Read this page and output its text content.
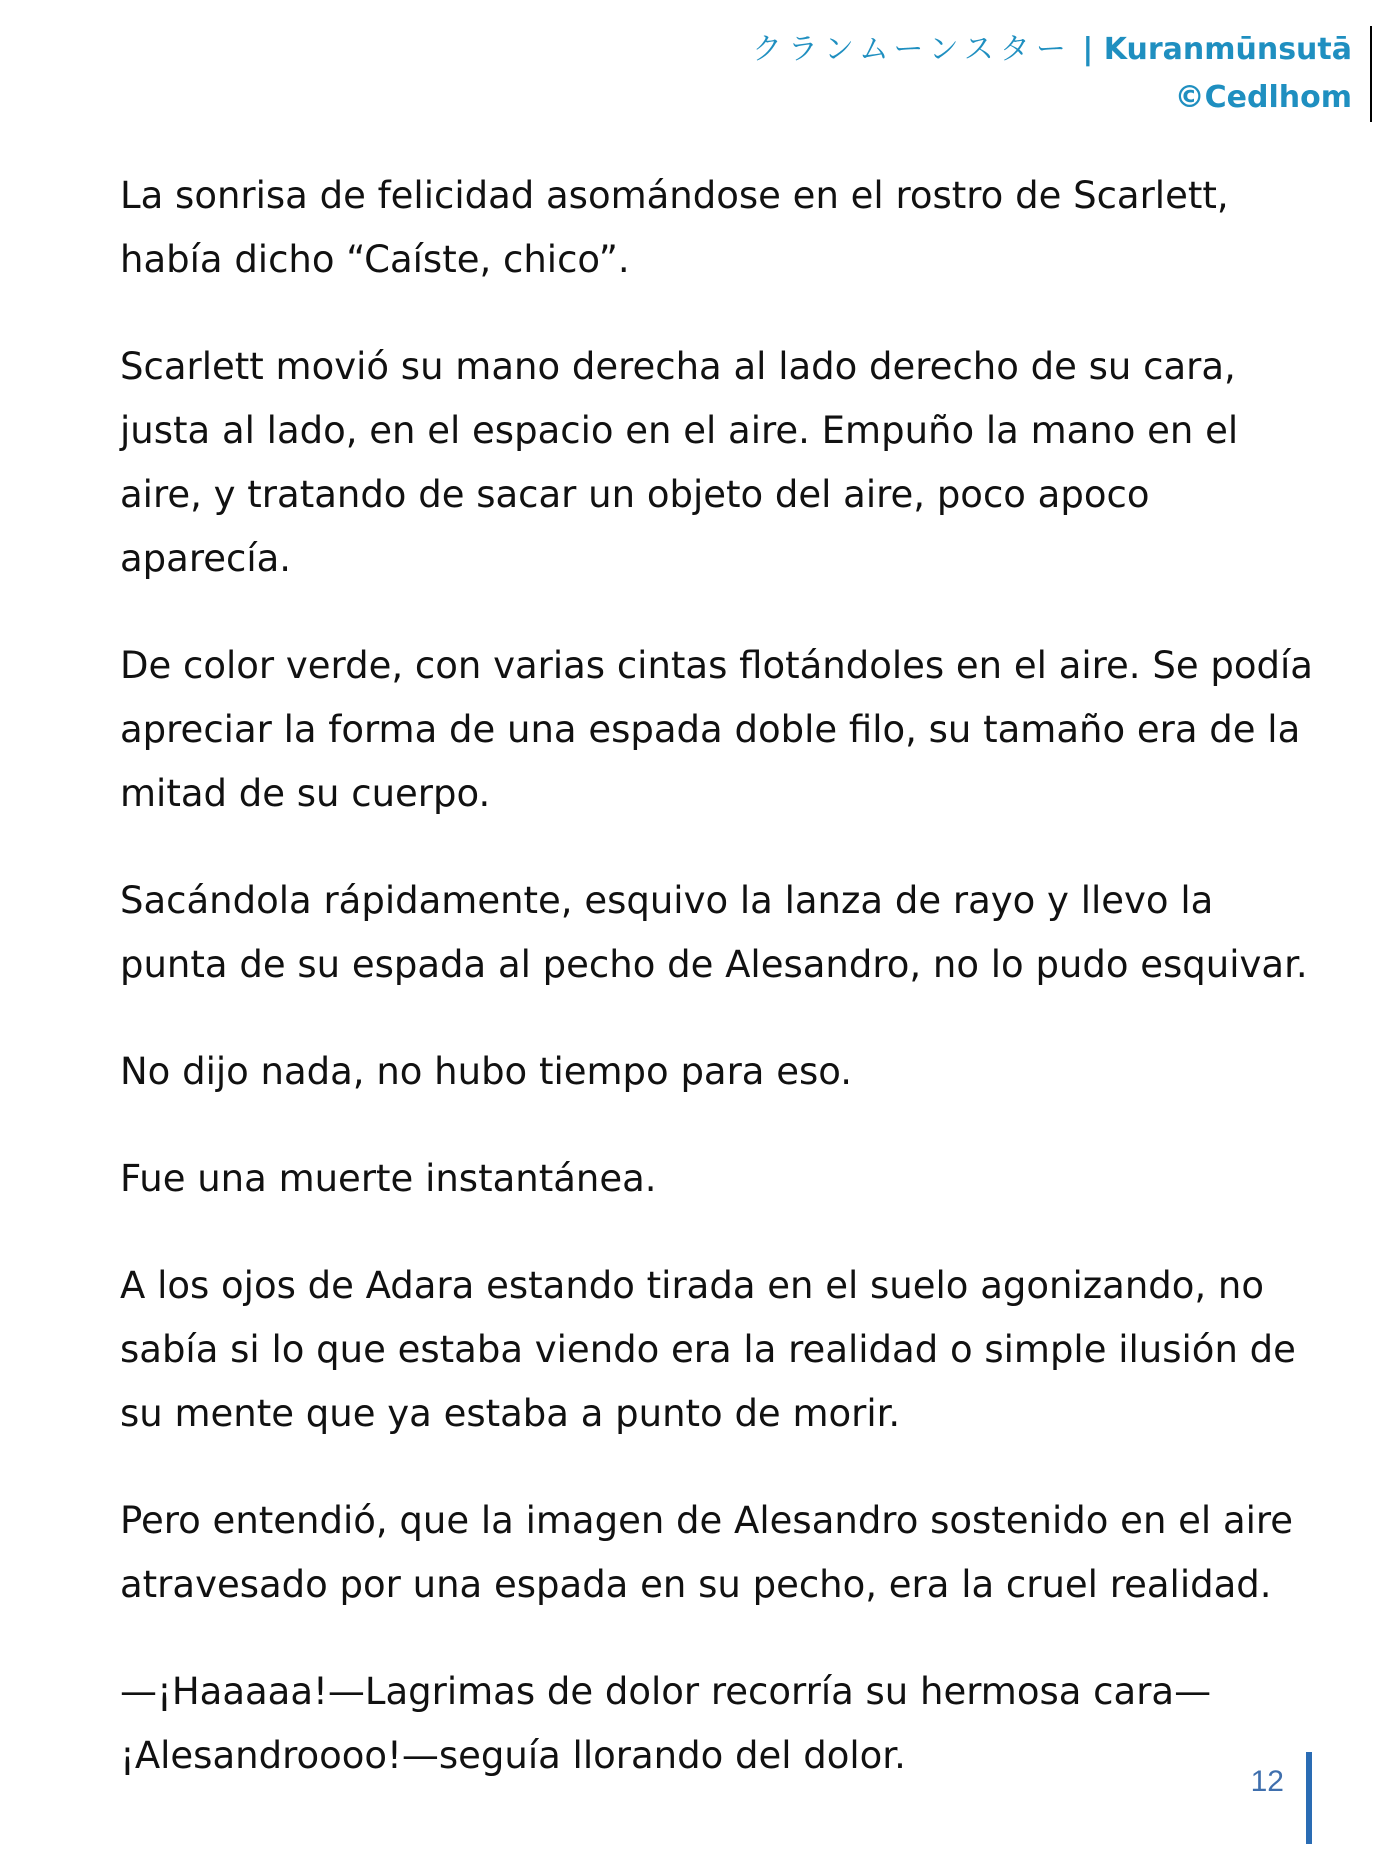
クランムーンスター | Kuranmūnsutā
©Cedlhom

La sonrisa de felicidad asomándose en el rostro de Scarlett, había dicho “Caíste, chico”.

Scarlett movió su mano derecha al lado derecho de su cara, justa al lado, en el espacio en el aire. Empuño la mano en el aire, y tratando de sacar un objeto del aire, poco apoco aparecía.

De color verde, con varias cintas flotándoles en el aire. Se podía apreciar la forma de una espada doble filo, su tamaño era de la mitad de su cuerpo.

Sacándola rápidamente, esquivo la lanza de rayo y llevo la punta de su espada al pecho de Alesandro, no lo pudo esquivar.

No dijo nada, no hubo tiempo para eso.

Fue una muerte instantánea.

A los ojos de Adara estando tirada en el suelo agonizando, no sabía si lo que estaba viendo era la realidad o simple ilusión de su mente que ya estaba a punto de morir.

Pero entendió, que la imagen de Alesandro sostenido en el aire atravesado por una espada en su pecho, era la cruel realidad.

—¡Haaaaa!—Lagrimas de dolor recorría su hermosa cara—¡Alesandroooo!—seguía llorando del dolor.

12
